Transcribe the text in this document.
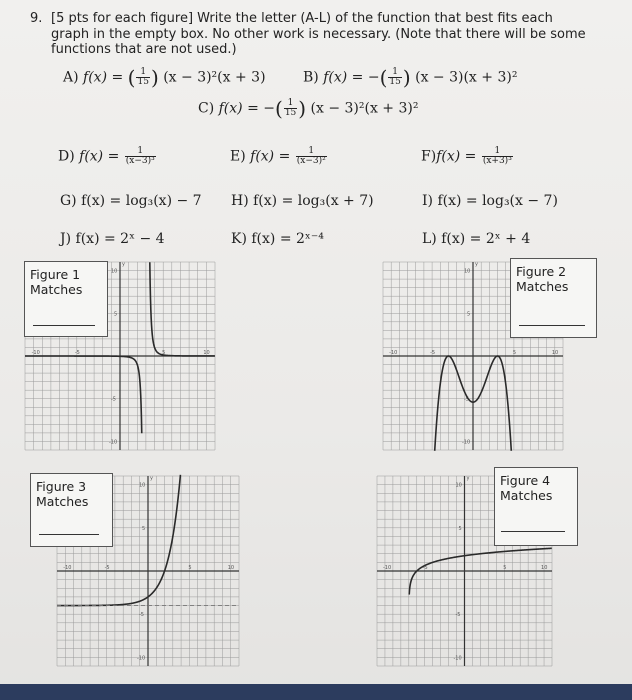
9. [5 pts for each figure] Write the letter (A-L) of the function that best fits each graph in the empty box. No other work is necessary. (Note that there will be some functions that are not used.)
A) f(x) = ( $\frac{1}{15}$ ) (x − 3)²(x + 3)	B) f(x) = −( $\frac{1}{15}$ ) (x − 3)(x + 3)²
C) f(x) = −( $\frac{1}{15}$ ) (x − 3)²(x + 3)²
D) $f(x) = \frac{1}{\text{(x−3)³}}$	E) $f(x) = \frac{1}{\text{(x−3)²}}$	$F)f(x) = \frac{1}{\text{(x+3)³}}$
G) f(x) = log₃(x) − 7 H) f(x) = log₃(x + 7)	I) f(x) = log₃(x − 7)
J) f(x) = 2ˣ − 4	K) f(x) = 2ˣ⁻⁴	L) f(x) = 2ˣ + 4
10
5
-5
-10
-10	-5	5	10
y
10
5
-5
-10
-10	-5	5	10
y
10
5
-5
-10
-10	-5	5	10
y
10
5
-5
-10
-10	-5	5	10
y
Figure 1
Matches
Figure 2
Matches
Figure 3
Matches
Figure 4
Matches
